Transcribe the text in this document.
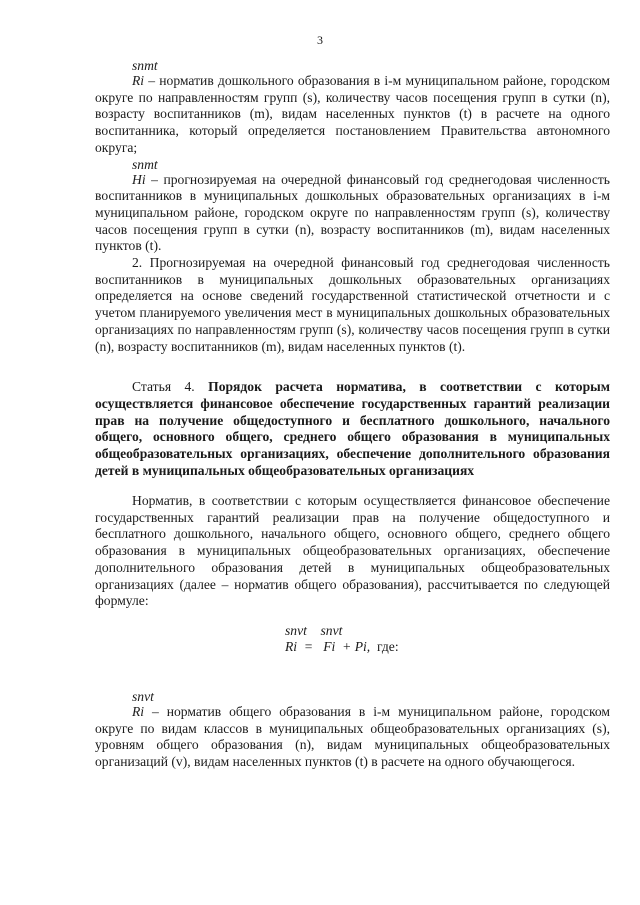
3
snmt

Ri – норматив дошкольного образования в i-м муниципальном районе, городском округе по направленностям групп (s), количеству часов посещения групп в сутки (n), возрасту воспитанников (m), видам населенных пунктов (t) в расчете на одного воспитанника, который определяется постановлением Правительства автономного округа;

snmt

Hi – прогнозируемая на очередной финансовый год среднегодовая численность воспитанников в муниципальных дошкольных образовательных организациях в i-м муниципальном районе, городском округе по направленностям групп (s), количеству часов посещения групп в сутки (n), возрасту воспитанников (m), видам населенных пунктов (t).

2. Прогнозируемая на очередной финансовый год среднегодовая численность воспитанников в муниципальных дошкольных образовательных организациях определяется на основе сведений государственной статистической отчетности и с учетом планируемого увеличения мест в муниципальных дошкольных образовательных организациях по направленностям групп (s), количеству часов посещения групп в сутки (n), возрасту воспитанников (m), видам населенных пунктов (t).

Статья 4. Порядок расчета норматива, в соответствии с которым осуществляется финансовое обеспечение государственных гарантий реализации прав на получение общедоступного и бесплатного дошкольного, начального общего, основного общего, среднего общего образования в муниципальных общеобразовательных организациях, обеспечение дополнительного образования детей в муниципальных общеобразовательных организациях

Норматив, в соответствии с которым осуществляется финансовое обеспечение государственных гарантий реализации прав на получение общедоступного и бесплатного дошкольного, начального общего, основного общего, среднего общего образования в муниципальных общеобразовательных организациях, обеспечение дополнительного образования детей в муниципальных общеобразовательных организациях (далее – норматив общего образования), рассчитывается по следующей формуле:

snvt    snvt
Ri  =   Fi  + Pi,  где:
snvt

Ri – норматив общего образования в i-м муниципальном районе, городском округе по видам классов в муниципальных общеобразовательных организациях (s), уровням общего образования (n), видам муниципальных общеобразовательных организаций (v), видам населенных пунктов (t) в расчете на одного обучающегося.
